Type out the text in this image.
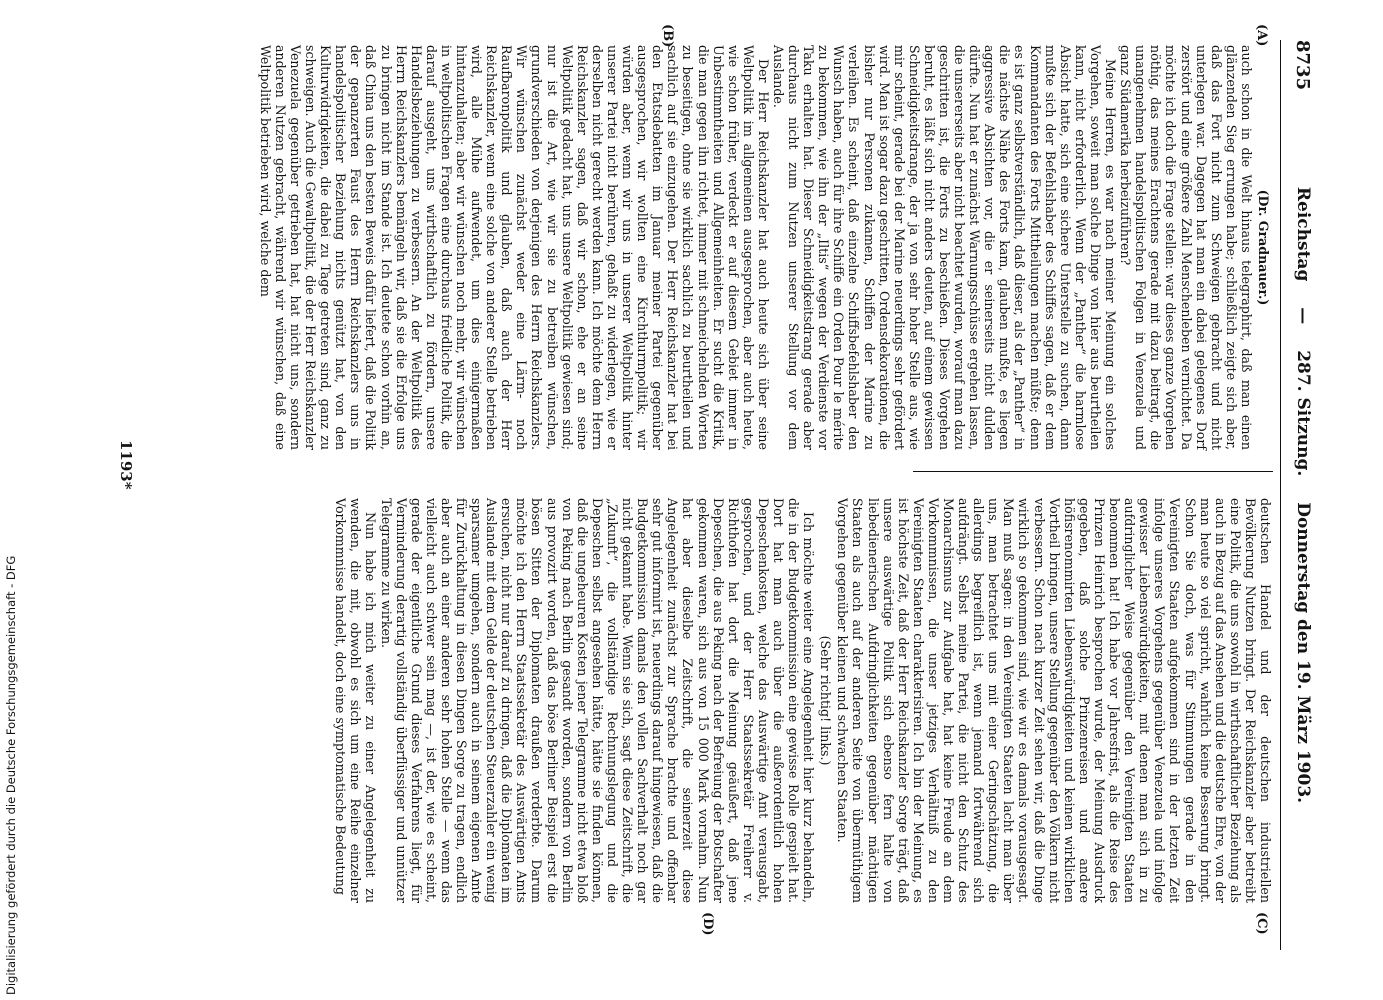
8735
Reichstag — 287. Sitzung. Donnerstag den 19. März 1903.
(A)
(B)
(C)
(D)
(Dr. Gradnauer.)

auch schon in die Welt hinaus telegraphirt, daß man einen glänzenden Sieg errungen habe; schließlich zeigte sich aber, daß das Fort nicht zum Schweigen gebracht und nicht unterlegen war. Dagegen hat man ein dabei gelegenes Dorf zerstört und eine größere Zahl Menschenleben vernichtet. Da möchte ich doch die Frage stellen: war dieses ganze Vorgehen nöthig, das meines Erachtens gerade mit dazu beitragt, die unangenehmen handelspolitischen Folgen in Venezuela und ganz Südamerika herbeizuführen?

Meine Herren, es war nach meiner Meinung ein solches Vorgehen, soweit man solche Dinge von hier aus beurtheilen kann, nicht erforderlich. Wenn der „Panther“ die harmlose Absicht hatte, sich eine sichere Unterstelle zu suchen, dann mußte sich der Befehlshaber des Schiffes sagen, daß er dem Kommandanten des Forts Mittheilungen machen müßte; denn es ist ganz selbstverständlich, daß dieser, als der „Panther“ in die nächste Nähe des Forts kam, glauben mußte, es liegen aggressive Absichten vor, die er seinerseits nicht dulden dürfte. Nun hat er zunächst Warnungsschüsse ergehen lassen, die unsererseits aber nicht beachtet wurden, worauf man dazu geschritten ist, die Forts zu beschießen. Dieses Vorgehen beruht, es läßt sich nicht anders deuten, auf einem gewissen Schneidigkeitsdrange, der ja von sehr hoher Stelle aus, wie mir scheint, gerade bei der Marine neuerdings sehr gefördert wird. Man ist sogar dazu geschritten, Ordensdekorationen, die bisher nur Personen zukamen, Schiffen der Marine zu verleihen. Es scheint, daß einzelne Schiffsbefehlshaber den Wunsch haben, auch für ihre Schiffe ein Orden Pour le mérite zu bekommen, wie ihn der „Iltis“ wegen der Verdienste vor Taku erhalten hat. Dieser Schneidigkeitsdrang gerade aber durchaus nicht zum Nutzen unserer Stellung vor dem Auslande.

Der Herr Reichskanzler hat auch heute sich über seine Weltpolitik im allgemeinen ausgesprochen, aber auch heute, wie schon früher, verdeckt er auf diesem Gebiet immer in Unbestimmtheiten und Allgemeinheiten. Er sucht die Kritik, die man gegen ihn richtet, immer mit schmeichelnden Worten zu beseitigen, ohne sie wirklich sachlich zu beurtheilen und sachlich auf sie einzugehen. Der Herr Reichskanzler hat bei den Etatsdebatten im Januar meiner Partei gegenüber ausgesprochen, wir wollten eine Kirchthurmpolitik; wir würden aber, wenn wir uns in unserer Weltpolitik hinter unserer Partei nicht berühren, gehaßt zu widerlegen, wie er derselben nicht gerecht werden kann. Ich möchte dem Herrn Reichskanzler sagen, daß wir schon, ehe er an seine Weltpolitik gedacht hat, uns unsere Weltpolitik gewiesen sind; nur ist die Art, wie wir sie zu betreiben wünschen, grundverschieden von derjenigen des Herrn Reichskanzlers. Wir wünschen zunächst weder eine Lärm- noch Raufbaronpolitik und glauben, daß auch der Herr Reichskanzler, wenn eine solche von anderer Stelle betrieben wird, alle Mühe aufwendet, um dies einigermaßen hintanzuhalten; aber wir wünschen noch mehr, wir wünschen in weltpolitischen Fragen eine durchaus friedliche Politik, die darauf ausgeht, uns wirthschaftlich zu fördern, unsere Handelsbeziehungen zu verbessern. An der Weltpolitik des Herrn Reichskanzlers bemängeln wir, daß sie die Erfolge uns zu bringen nicht im Stande ist. Ich deutete schon vorhin an, daß China uns den besten Beweis dafür liefert, daß die Politik der gepanzerten Faust des Herrn Reichskanzlers uns in handelspolitischer Beziehung nichts genützt hat, von den Kulturwidrigkeiten, die dabei zu Tage getreten sind, ganz zu schweigen. Auch die Gewaltpolitik, die der Herr Reichskanzler Venezuela gegenüber getrieben hat, hat nicht uns, sondern anderen Nutzen gebracht, während wir wünschen, daß eine Weltpolitik betrieben wird, welche dem

deutschen Handel und der deutschen industriellen Bevölkerung Nutzen bringt. Der Reichskanzler aber betreibt eine Politik, die uns sowohl in wirthschaftlicher Beziehung als auch in Bezug auf das Ansehen und die deutsche Ehre, von der man heute so viel spricht, wahrlich keine Besserung bringt. Schon Sie doch, was für Stimmungen gerade in den Vereinigten Staaten aufgekommen sind in der letzten Zeit infolge unseres Vorgehens gegenüber Venezuela und infolge gewisser Liebenswürdigkeiten, mit denen man sich in zu aufdringlicher Weise gegenüber den Vereinigten Staaten benommen hat! Ich habe vor Jahresfrist, als die Reise des Prinzen Heinrich besprochen wurde, der Meinung Ausdruck gegeben, daß solche Prinzenreisen und andere höfisrenommirten Liebenswürdigkeiten und keinen wirklichen Vortheil bringen, unsere Stellung gegenüber den Völkern nicht verbessern. Schon nach kurzer Zeit sehen wir, daß die Dinge wirklich so gekommen sind, wie wir es damals vorausgesagt. Man muß sagen: in den Vereinigten Staaten lacht man über uns, man betrachtet uns mit einer Geringschätzung, die allerdings begreiflich ist, wenn jemand fortwährend sich aufdrängt. Selbst meine Partei, die nicht den Schutz des Monarchismus zur Aufgabe hat, hat keine Freude an dem Vorkommnissen, die unser jetziges Verhältniß zu den Vereinigten Staaten charakterisiren. Ich bin der Meinung, es ist höchste Zeit, daß der Herr Reichskanzler Sorge trägt, daß unsere auswärtige Politik sich ebenso fern halte von liebedienerischen Aufdringlichkeiten gegenüber mächtigen Staaten als auch auf der anderen Seite von übermüthigem Vorgehen gegenüber kleinen und schwachen Staaten.

(Sehr richtig! links.)

Ich möchte weiter eine Angelegenheit hier kurz behandeln, die in der Budgetkommission eine gewisse Rolle gespielt hat. Dort hat man auch über die außerordentlich hohen Depeschenkosten, welche das Auswärtige Amt verausgabt, gesprochen, und der Herr Staatssekretär Freiherr v. Richthofen hat dort die Meinung geäußert, daß jene Depeschen, die aus Peking nach der Befreiung der Botschafter gekommen waren, sich aus von 15 000 Mark vornahm. Nun hat aber dieselbe Zeitschrift, die seinerzeit diese Angelegenheit zunächst zur Sprache brachte und offenbar sehr gut informirt ist, neuerdings darauf hingewiesen, daß die Budgetkommission damals den vollen Sachverhalt noch gar nicht gekannt habe. Wenn sie sich, sagt diese Zeitschrift, die „Zukunft“, die vollständige Rechnungslegung und die Depeschen selbst angesehen hätte, hätte sie finden können, daß die ungeheuren Kosten jener Telegramme nicht etwa bloß von Peking nach Berlin gesandt worden, sondern von Berlin aus provozirt worden, daß das böse Berliner Beispiel erst die bösen Sitten der Diplomaten draußen verderbte. Darum möchte ich den Herrn Staatssekretär des Auswärtigen Amts ersuchen, nicht nur darauf zu dringen, daß die Diplomaten im Auslande mit dem Gelde der deutschen Steuerzahler ein wenig sparsamer umgehen, sondern auch in seinem eigenen Amte für Zurückhaltung in diesen Dingen Sorge zu tragen, endlich aber auch an einer anderen sehr hohen Stelle — wenn das vielleicht auch schwer sein mag —, ist der, wie es scheint, gerade der eigentliche Grund dieses Verfahrens liegt, für Verminderung derartig vollständig überflüssiger und unnützer Telegramme zu wirken.

Nun habe ich mich weiter zu einer Angelegenheit zu wenden, die mit, obwohl es sich um eine Reihe einzelner Vorkommnisse handelt, doch eine symptomatische Bedeutung

1193*
Digitalisierung gefördert durch die Deutsche Forschungsgemeinschaft - DFG
